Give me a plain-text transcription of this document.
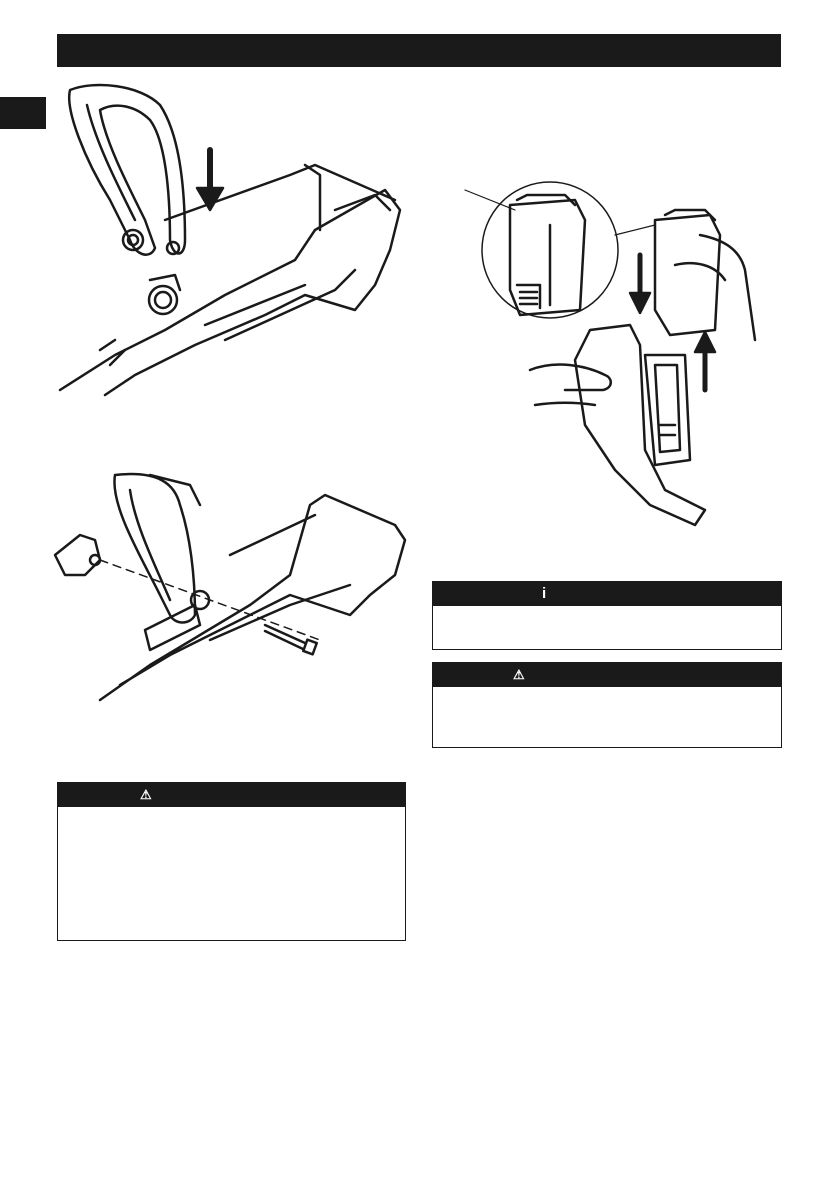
i
⚠
⚠
